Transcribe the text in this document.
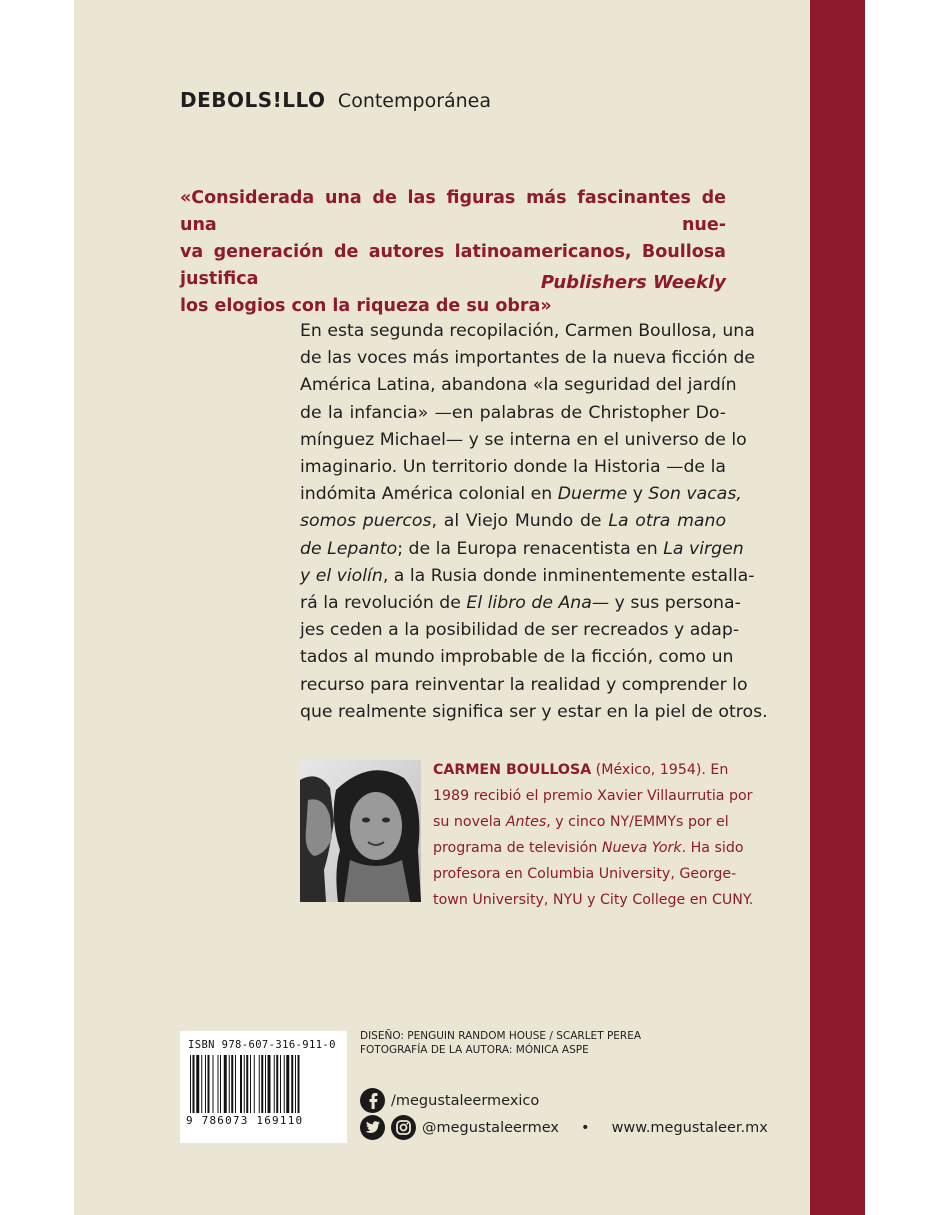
DEBOLS!LLO Contemporánea

«Considerada una de las figuras más fascinantes de una nue-

va generación de autores latinoamericanos, Boullosa justifica

los elogios con la riqueza de su obra»

Publishers Weekly
En esta segunda recopilación, Carmen Boullosa, una
de las voces más importantes de la nueva ficción de
América Latina, abandona «la seguridad del jardín
de la infancia» —en palabras de Christopher Do-
mínguez Michael— y se interna en el universo de lo
imaginario. Un territorio donde la Historia —de la
indómita América colonial en Duerme y Son vacas,
somos puercos, al Viejo Mundo de La otra mano
de Lepanto; de la Europa renacentista en La virgen
y el violín, a la Rusia donde inminentemente estalla-
rá la revolución de El libro de Ana— y sus persona-
jes ceden a la posibilidad de ser recreados y adap-
tados al mundo improbable de la ficción, como un
recurso para reinventar la realidad y comprender lo
que realmente significa ser y estar en la piel de otros.
CARMEN BOULLOSA (México, 1954). En
1989 recibió el premio Xavier Villaurrutia por
su novela Antes, y cinco NY/EMMYs por el
programa de televisión Nueva York. Ha sido
profesora en Columbia University, George-
town University, NYU y City College en CUNY.
ISBN 978-607-316-911-0
9 786073 169110
DISEÑO: PENGUIN RANDOM HOUSE / SCARLET PEREA
FOTOGRAFÍA DE LA AUTORA: MÓNICA ASPE
/megustaleermexico
@megustaleermex • www.megustaleer.mx
